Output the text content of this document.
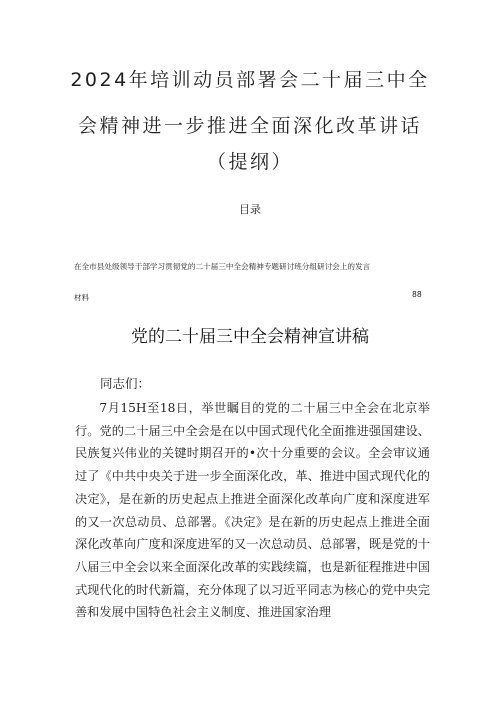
2024年培训动员部署会二十届三中全
会精神进一步推进全面深化改革讲话
（提纲）
目录
在全市县处级领导干部学习贯彻党的二十届三中全会精神专题研讨班分组研讨会上的发言
材料	88
党的二十届三中全会精神宣讲稿
同志们：

7月15H至18日，举世瞩目的党的二十届三中全会在北京举行。党的二十届三中全会是在以中国式现代化全面推进强国建设、民族复兴伟业的关键时期召开的•次十分重要的会议。全会审议通过了《中共中央关于进一步全面深化改，革、推进中国式现代化的决定》，是在新的历史起点上推进全面深化改革向广度和深度进军的又一次总动员、总部署。《决定》是在新的历史起点上推进全面深化改革向广度和深度进军的又一次总动员、总部署，既是党的十八届三中全会以来全面深化改革的实践续篇，也是新征程推进中国式现代化的时代新篇，充分体现了以习近平同志为核心的党中央完善和发展中国特色社会主义制度、推进国家治理
